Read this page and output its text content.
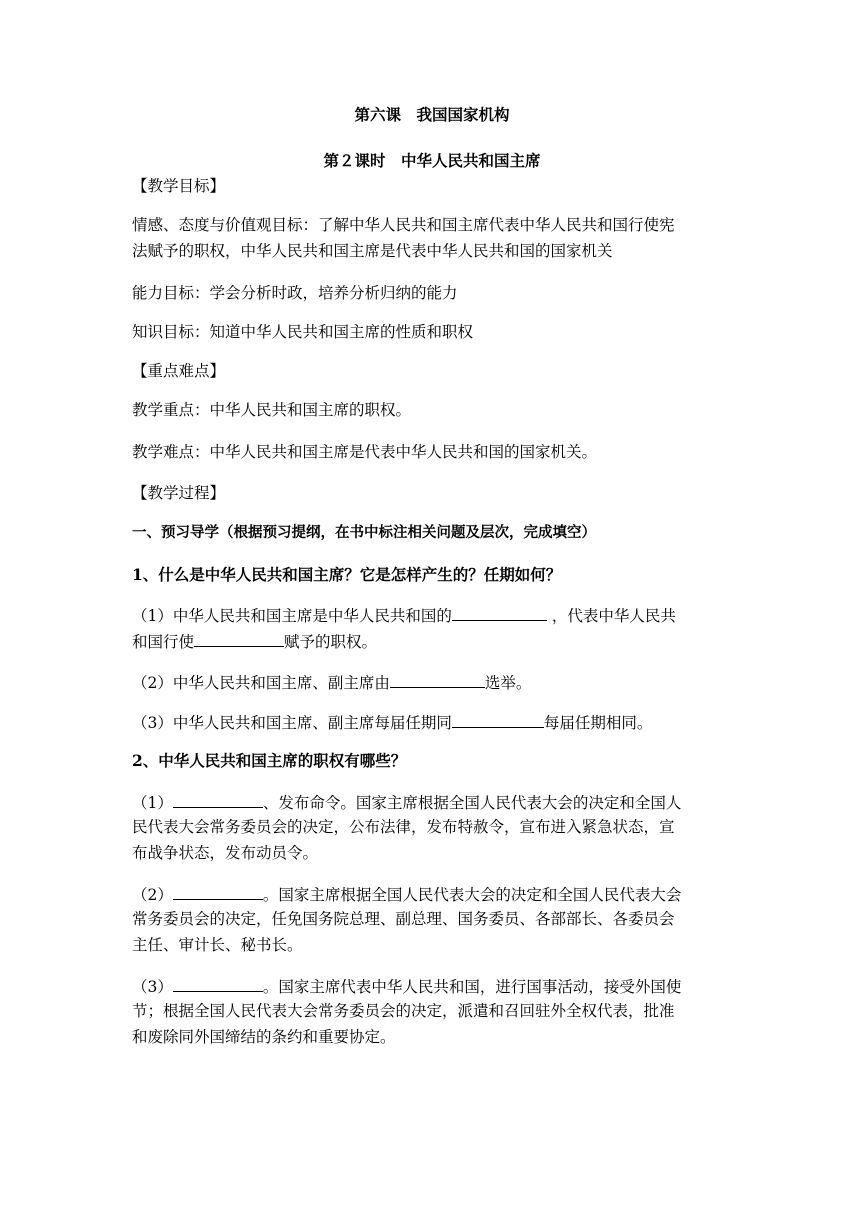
第六课　我国国家机构
第２课时　中华人民共和国主席
【教学目标】
情感、态度与价值观目标：了解中华人民共和国主席代表中华人民共和国行使宪
法赋予的职权，中华人民共和国主席是代表中华人民共和国的国家机关
能力目标：学会分析时政，培养分析归纳的能力
知识目标：知道中华人民共和国主席的性质和职权
【重点难点】
教学重点：中华人民共和国主席的职权。
教学难点：中华人民共和国主席是代表中华人民共和国的国家机关。
【教学过程】
一、预习导学（根据预习提纲，在书中标注相关问题及层次，完成填空）
1、什么是中华人民共和国主席？它是怎样产生的？任期如何？
（1）中华人民共和国主席是中华人民共和国的	，代表中华人民共
和国行使	赋予的职权。
（2）中华人民共和国主席、副主席由	选举。
（3）中华人民共和国主席、副主席每届任期同	每届任期相同。
2、中华人民共和国主席的职权有哪些？
（1）	、发布命令。国家主席根据全国人民代表大会的决定和全国人
民代表大会常务委员会的决定，公布法律，发布特赦令，宣布进入紧急状态，宣
布战争状态，发布动员令。
（2）	。国家主席根据全国人民代表大会的决定和全国人民代表大会
常务委员会的决定，任免国务院总理、副总理、国务委员、各部部长、各委员会
主任、审计长、秘书长。
（3）	。国家主席代表中华人民共和国，进行国事活动，接受外国使
节；根据全国人民代表大会常务委员会的决定，派遣和召回驻外全权代表，批准
和废除同外国缔结的条约和重要协定。
